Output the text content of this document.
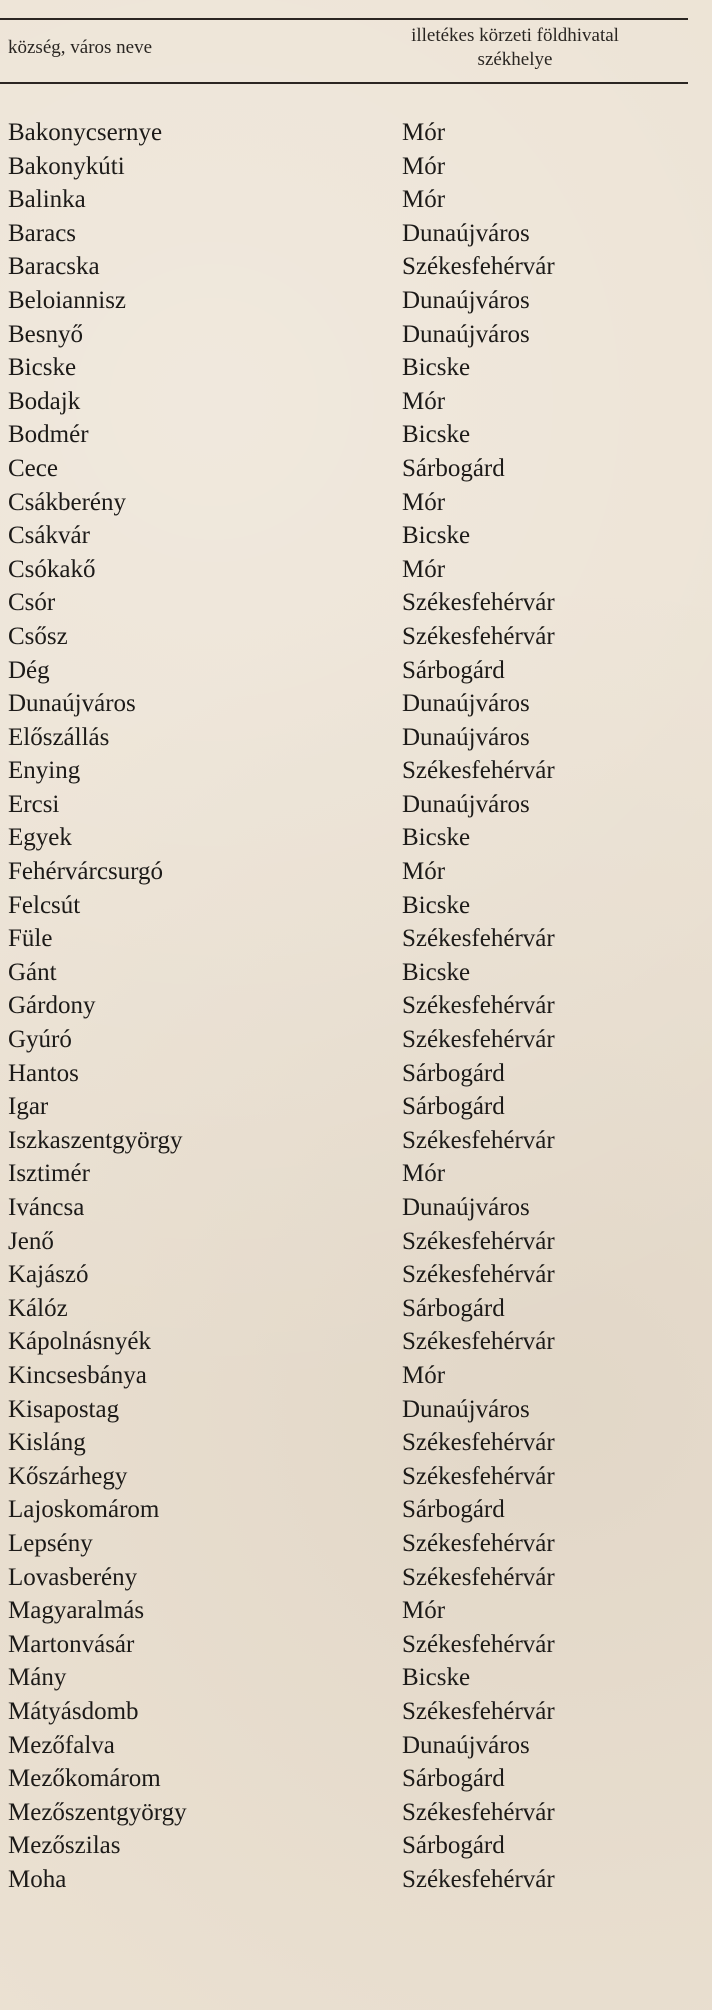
község, város neve
illetékes körzeti földhivatal
székhelye
Bakonycsernye	Mór
Bakonykúti	Mór
Balinka	Mór
Baracs	Dunaújváros
Baracska	Székesfehérvár
Beloiannisz	Dunaújváros
Besnyő	Dunaújváros
Bicske	Bicske
Bodajk	Mór
Bodmér	Bicske
Cece	Sárbogárd
Csákberény	Mór
Csákvár	Bicske
Csókakő	Mór
Csór	Székesfehérvár
Csősz	Székesfehérvár
Dég	Sárbogárd
Dunaújváros	Dunaújváros
Előszállás	Dunaújváros
Enying	Székesfehérvár
Ercsi	Dunaújváros
Egyek	Bicske
Fehérvárcsurgó	Mór
Felcsút	Bicske
Füle	Székesfehérvár
Gánt	Bicske
Gárdony	Székesfehérvár
Gyúró	Székesfehérvár
Hantos	Sárbogárd
Igar	Sárbogárd
Iszkaszentgyörgy	Székesfehérvár
Isztimér	Mór
Iváncsa	Dunaújváros
Jenő	Székesfehérvár
Kajászó	Székesfehérvár
Kálóz	Sárbogárd
Kápolnásnyék	Székesfehérvár
Kincsesbánya	Mór
Kisapostag	Dunaújváros
Kisláng	Székesfehérvár
Kőszárhegy	Székesfehérvár
Lajoskomárom	Sárbogárd
Lepsény	Székesfehérvár
Lovasberény	Székesfehérvár
Magyaralmás	Mór
Martonvásár	Székesfehérvár
Mány	Bicske
Mátyásdomb	Székesfehérvár
Mezőfalva	Dunaújváros
Mezőkomárom	Sárbogárd
Mezőszentgyörgy	Székesfehérvár
Mezőszilas	Sárbogárd
Moha	Székesfehérvár
